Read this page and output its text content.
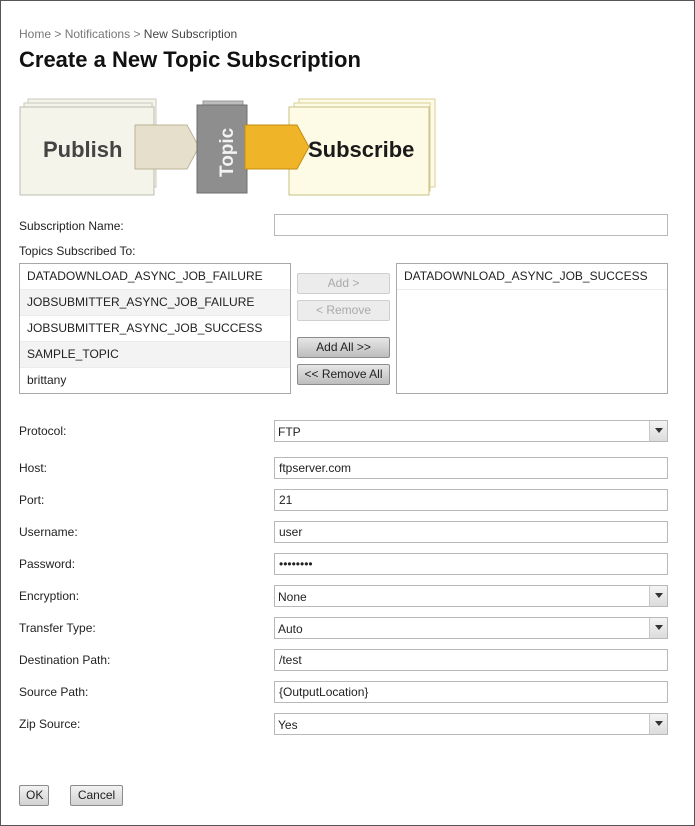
Home > Notifications > New Subscription
Create a New Topic Subscription
Publish	Topic	Subscribe
Subscription Name:
Topics Subscribed To:
DATADOWNLOAD_ASYNC_JOB_FAILURE
JOBSUBMITTER_ASYNC_JOB_FAILURE
JOBSUBMITTER_ASYNC_JOB_SUCCESS
SAMPLE_TOPIC
brittany
Add >
< Remove
Add All >>
<< Remove All
DATADOWNLOAD_ASYNC_JOB_SUCCESS
Protocol:	FTP
Host:
ftpserver.com
Port:
21
Username:
user
Password:
••••••••
Encryption:	None
Transfer Type:	Auto
Destination Path:
/test
Source Path:
{OutputLocation}
Zip Source:	Yes
OK	Cancel
